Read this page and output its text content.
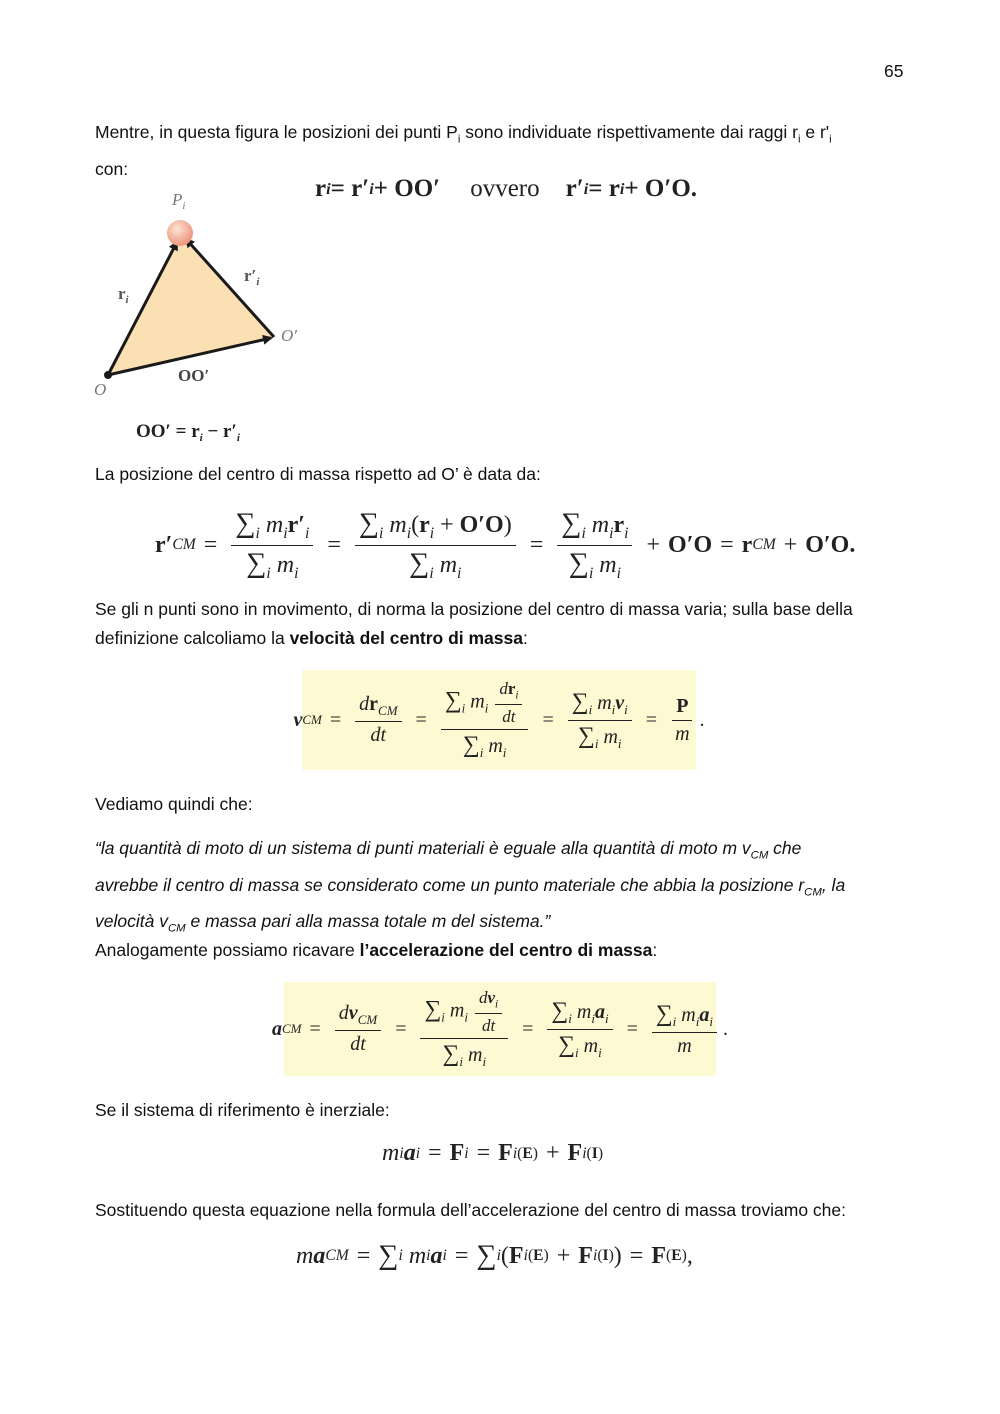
65
Mentre, in questa figura le posizioni dei punti $P_i$ sono individuate rispettivamente dai raggi $r_i$ e $r'_i$
con:
$P_i$
$r_i$
$r'_i$
O
O′
OO′
$OO' = r_i - r'_i$
r i = r′ i + OO′ ovvero r′ i = r i + O′O.
La posizione del centro di massa rispetto ad O’ è data da:
r′ CM = $\frac{\sum_i m_ir'_i}{\sum_i m_i} = \frac{\sum_i m_i(r_i + O'O)}{\sum_i m_i} = \frac{\sum_i m_ir_i}{\sum_i m_i} + O'O = r$ CM + O′O.
Se gli n punti sono in movimento, di norma la posizione del centro di massa varia; sulla base della
definizione calcoliamo la velocità del centro di massa:
v CM = $\frac{dr_{CM}}{dt} = \frac{\sum_i m_i \frac{dr_i}{dt}}{\sum_i m_i} = \frac{\sum_i m_iv_i}{\sum_i m_i} = \frac{P}{m}$ .
Vediamo quindi che:
“la quantità di moto di un sistema di punti materiali è eguale alla quantità di moto m $v_{CM}$ che
avrebbe il centro di massa se considerato come un punto materiale che abbia la posizione $r_{CM}$, la
velocità $v_{CM}$ e massa pari alla massa totale m del sistema.”
Analogamente possiamo ricavare l’accelerazione del centro di massa:
a CM = $\frac{dv_{CM}}{dt} = \frac{\sum_i m_i \frac{dv_i}{dt}}{\sum_i m_i} = \frac{\sum_i m_ia_i}{\sum_i m_i} = \frac{\sum_i m_ia_i}{m}$ .
Se il sistema di riferimento è inerziale:
m i a i = F i = F i (E) + F i (I)
Sostituendo questa equazione nella formula dell’accelerazione del centro di massa troviamo che:
m a CM = ∑ i
m i a i = ∑ i ( F i (E) + F i (I) ) = F (E) ,
